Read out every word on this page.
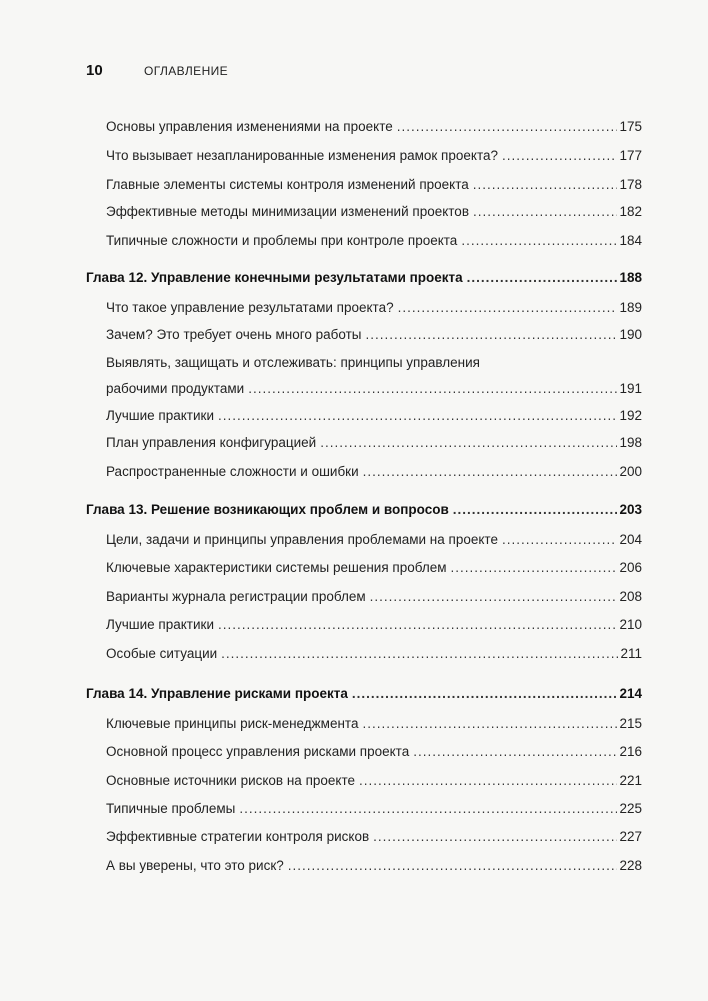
10	ОГЛАВЛЕНИЕ
Основы управления изменениями на проекте .....	175
Что вызывает незапланированные изменения рамок проекта? .....	177
Главные элементы системы контроля изменений проекта .....	178
Эффективные методы минимизации изменений проектов .....	182
Типичные сложности и проблемы при контроле проекта .....	184
Глава 12. Управление конечными результатами проекта .....	188
Что такое управление результатами проекта? .....	189
Зачем? Это требует очень много работы .....	190
Выявлять, защищать и отслеживать: принципы управления
рабочими продуктами .....	191
Лучшие практики .....	192
План управления конфигурацией .....	198
Распространенные сложности и ошибки .....	200
Глава 13. Решение возникающих проблем и вопросов .....	203
Цели, задачи и принципы управления проблемами на проекте .....	204
Ключевые характеристики системы решения проблем .....	206
Варианты журнала регистрации проблем .....	208
Лучшие практики .....	210
Особые ситуации .....	211
Глава 14. Управление рисками проекта .....	214
Ключевые принципы риск-менеджмента .....	215
Основной процесс управления рисками проекта .....	216
Основные источники рисков на проекте .....	221
Типичные проблемы .....	225
Эффективные стратегии контроля рисков .....	227
А вы уверены, что это риск? .....	228
